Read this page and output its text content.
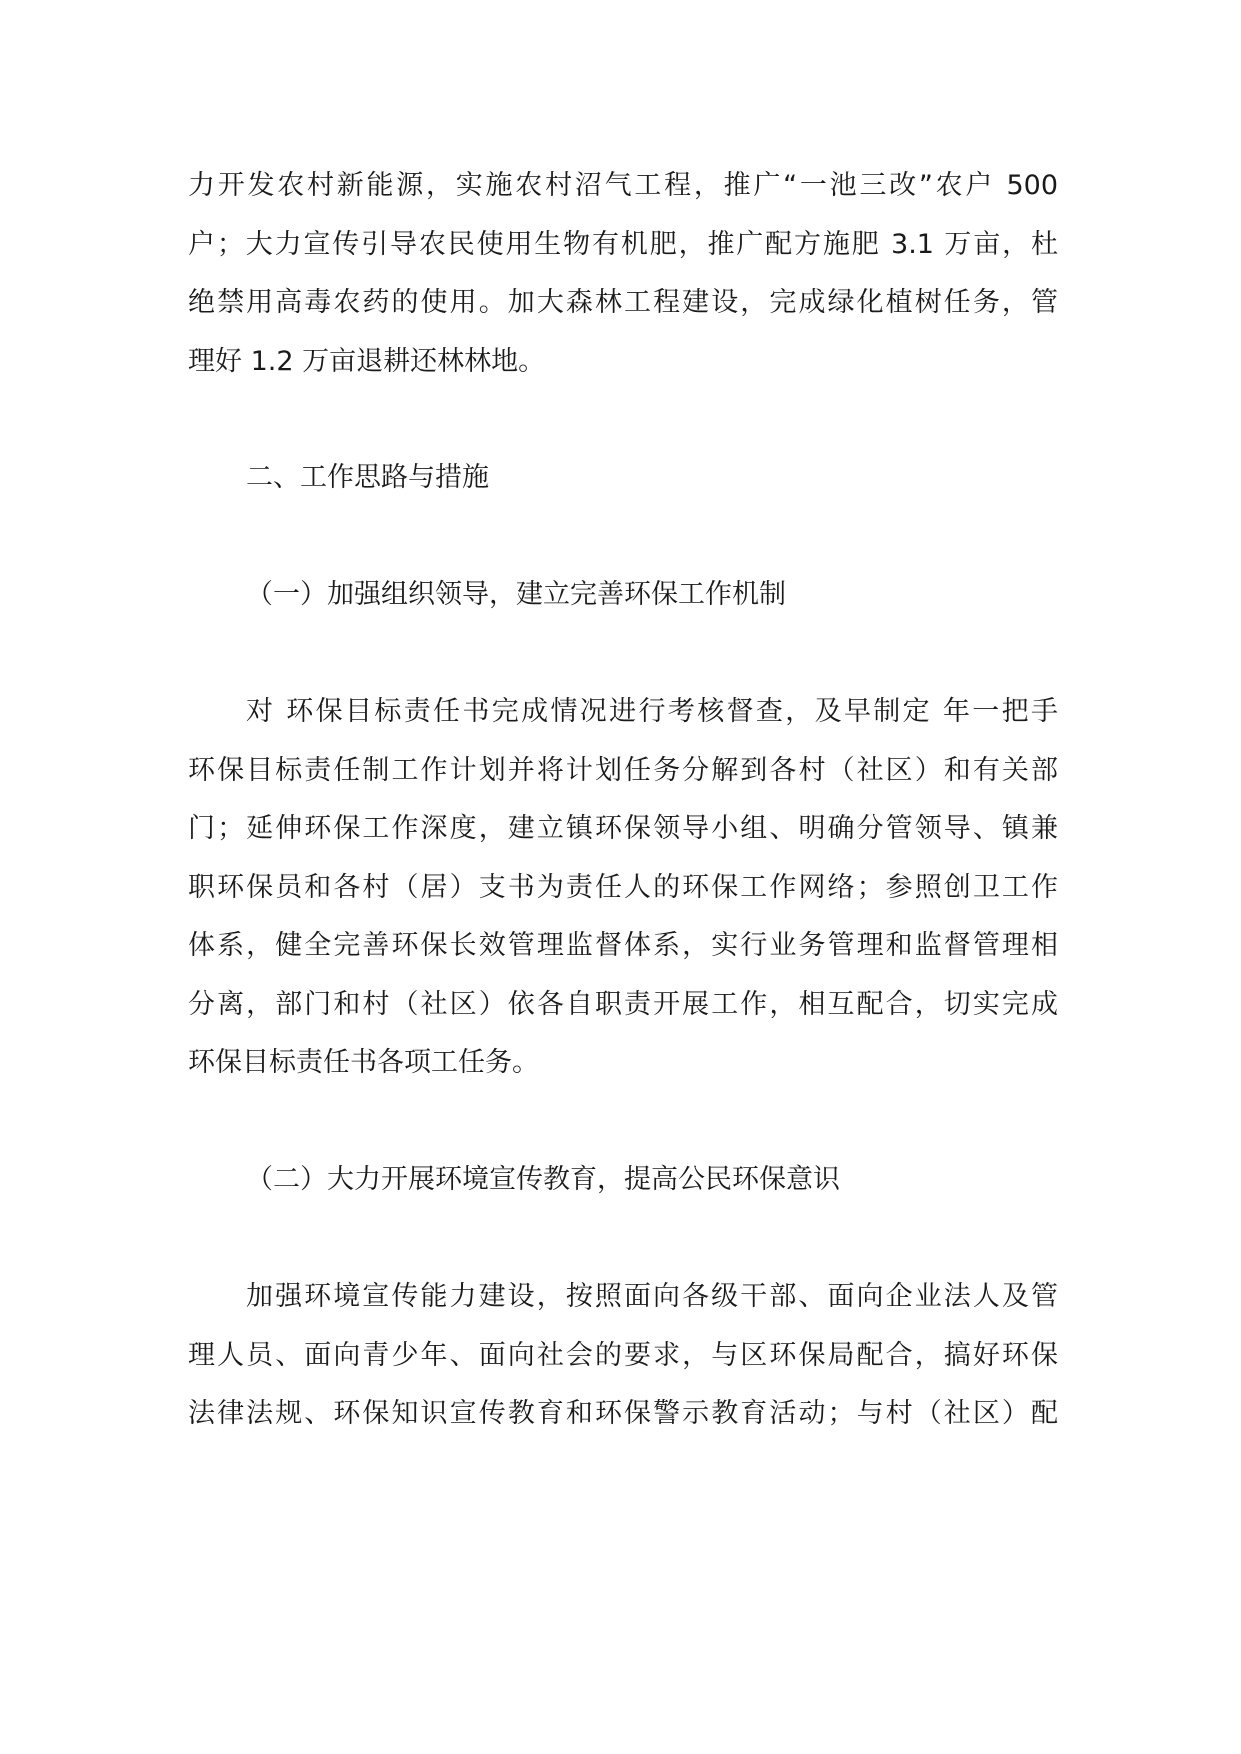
力开发农村新能源，实施农村沼气工程，推广“一池三改”农户 500
户；大力宣传引导农民使用生物有机肥，推广配方施肥 3.1 万亩，杜
绝禁用高毒农药的使用。加大森林工程建设，完成绿化植树任务，管
理好 1.2 万亩退耕还林林地。
二、工作思路与措施
（一）加强组织领导，建立完善环保工作机制
对 环保目标责任书完成情况进行考核督查，及早制定 年一把手
环保目标责任制工作计划并将计划任务分解到各村（社区）和有关部
门；延伸环保工作深度，建立镇环保领导小组、明确分管领导、镇兼
职环保员和各村（居）支书为责任人的环保工作网络；参照创卫工作
体系，健全完善环保长效管理监督体系，实行业务管理和监督管理相
分离，部门和村（社区）依各自职责开展工作，相互配合，切实完成
环保目标责任书各项工任务。
（二）大力开展环境宣传教育，提高公民环保意识
加强环境宣传能力建设，按照面向各级干部、面向企业法人及管
理人员、面向青少年、面向社会的要求，与区环保局配合，搞好环保
法律法规、环保知识宣传教育和环保警示教育活动；与村（社区）配
